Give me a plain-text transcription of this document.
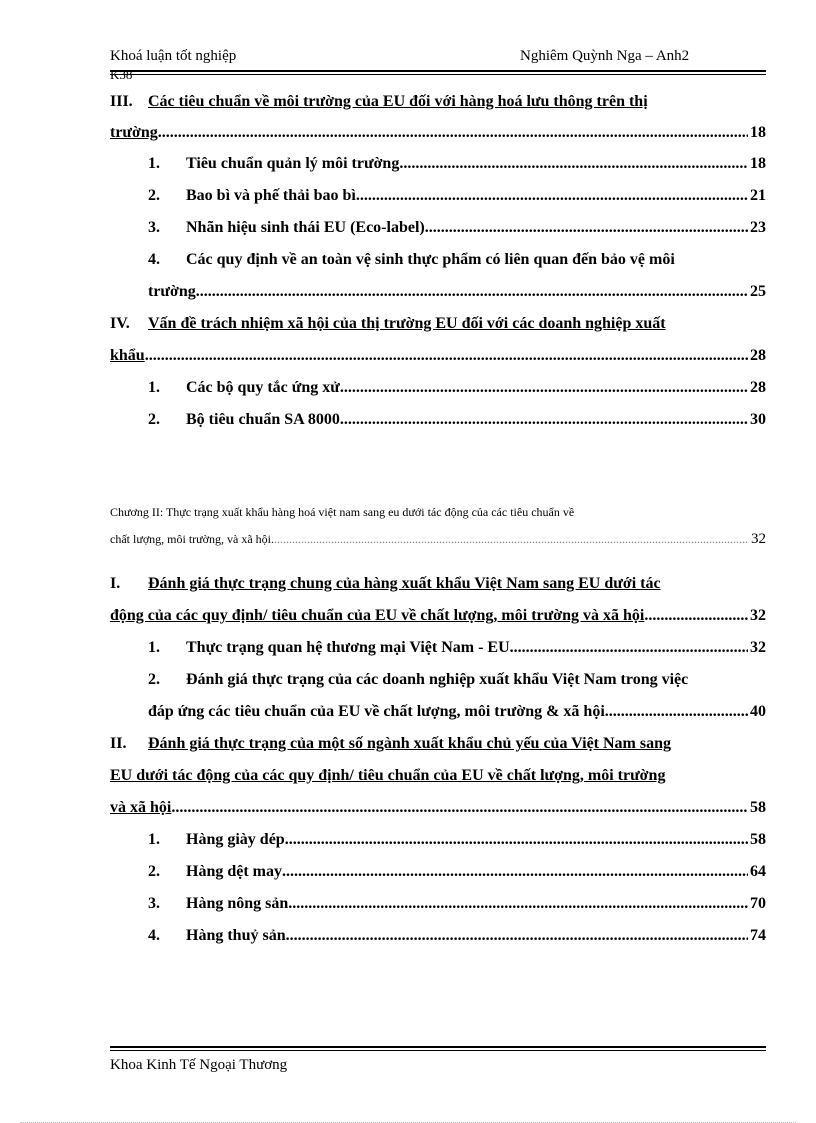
Khoá luận tốt nghiệp	Nghiêm Quỳnh Nga – Anh2
K38
III. Các tiêu chuẩn về môi trường của EU đối với hàng hoá lưu thông trên thị
trường. .....	18
1. Tiêu chuẩn quản lý môi trường .....	18
2. Bao bì và phế thải bao bì .....	21
3. Nhãn hiệu sinh thái EU (Eco-label) .....	23
4. Các quy định về an toàn vệ sinh thực phẩm có liên quan đến bảo vệ môi
trường .....	25
IV. Vấn đề trách nhiệm xã hội của thị trường EU đối với các doanh nghiệp xuất
khẩu .....	28
1. Các bộ quy tắc ứng xử .....	28
2. Bộ tiêu chuẩn SA 8000 .....	30
Chương II: Thực trạng xuất khẩu hàng hoá việt nam sang eu dưới tác động của các tiêu chuẩn về
chất lượng, môi trường, và xã hội. .....	32
I. Đánh giá thực trạng chung của hàng xuất khẩu Việt Nam sang EU dưới tác
động của các quy định/ tiêu chuẩn của EU về chất lượng, môi trường và xã hội .....	32
1. Thực trạng quan hệ thương mại Việt Nam - EU .....	32
2. Đánh giá thực trạng của các doanh nghiệp xuất khẩu Việt Nam trong việc
đáp ứng các tiêu chuẩn của EU về chất lượng, môi trường & xã hội .....	40
II. Đánh giá thực trạng của một số ngành xuất khẩu chủ yếu của Việt Nam sang
EU dưới tác động của các quy định/ tiêu chuẩn của EU về chất lượng, môi trường
và xã hội. .....	58
1. Hàng giày dép .....	58
2. Hàng dệt may .....	64
3. Hàng nông sản .....	70
4. Hàng thuỷ sản .....	74
Khoa Kinh Tế Ngoại Thương
